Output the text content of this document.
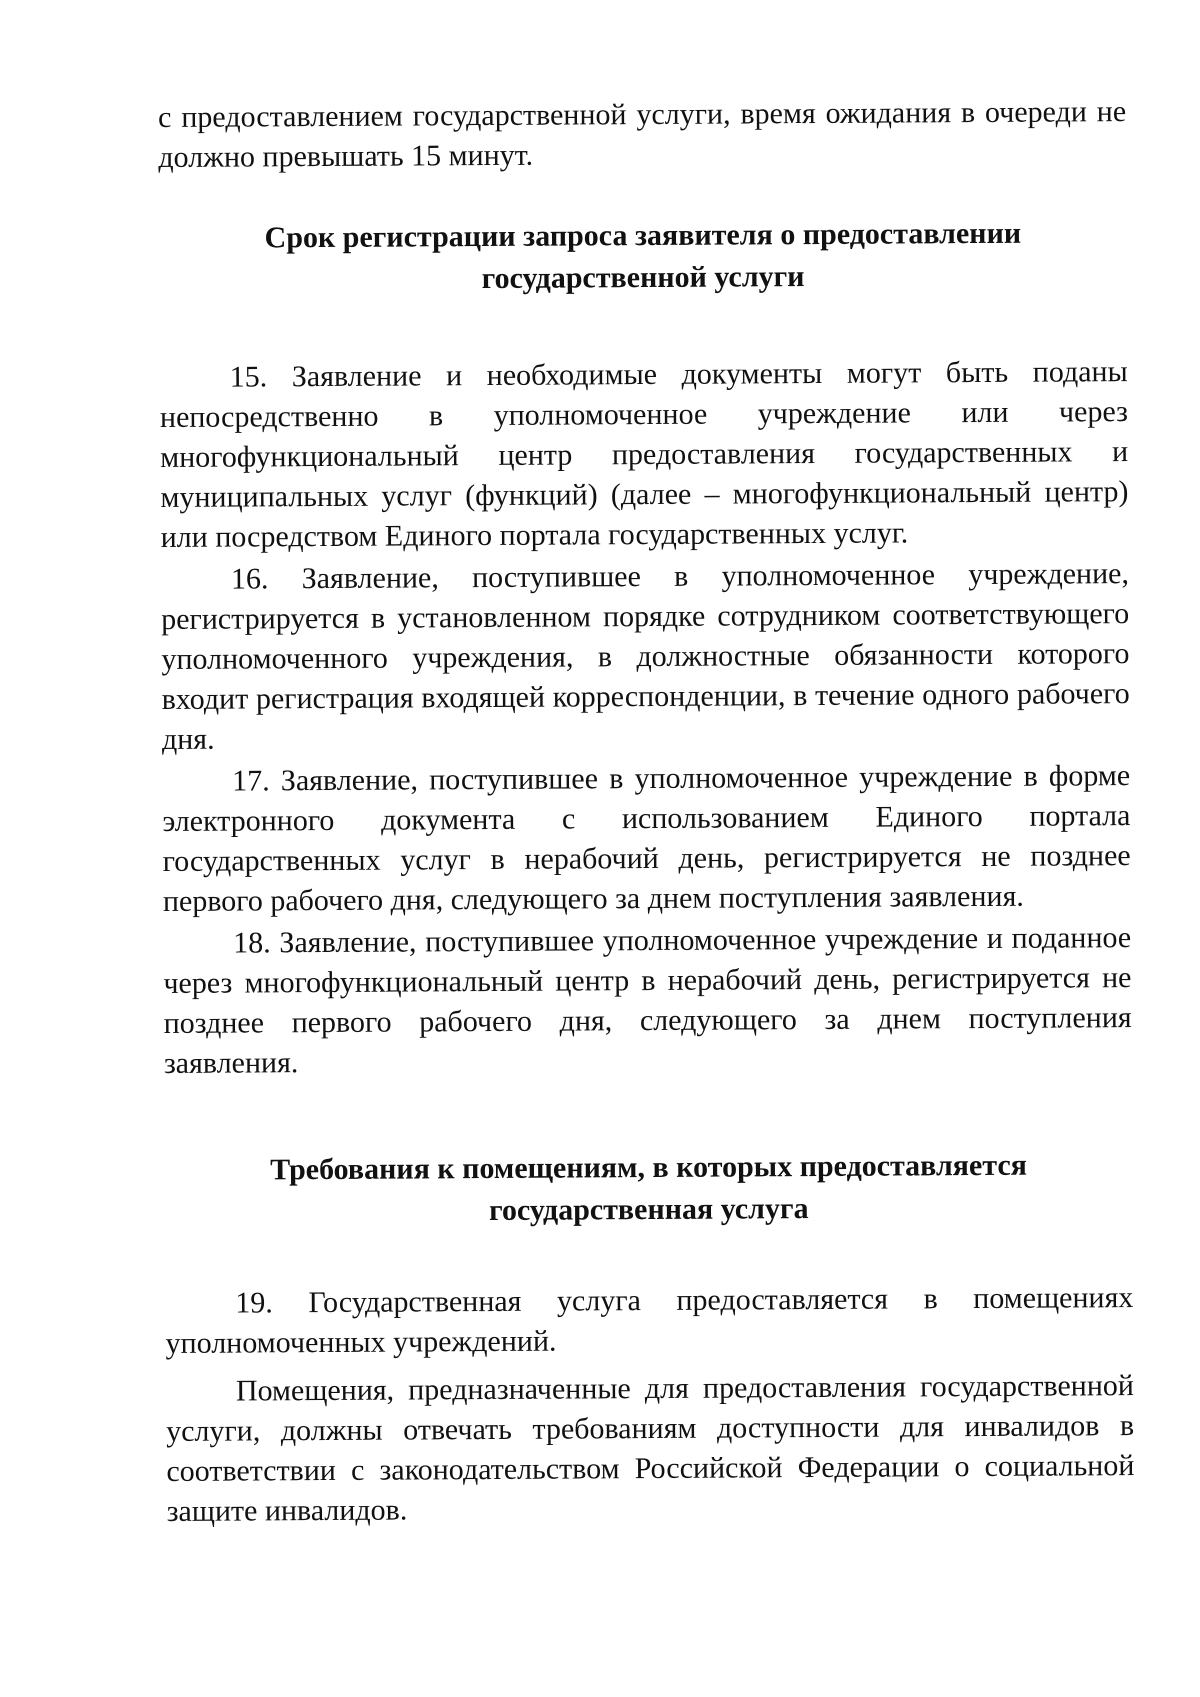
с предоставлением государственной услуги, время ожидания в очереди не должно превышать 15 минут.

Срок регистрации запроса заявителя о предоставлении
государственной услуги

15. Заявление и необходимые документы могут быть поданы непосредственно в уполномоченное учреждение или через многофункциональный центр предоставления государственных и муниципальных услуг (функций) (далее – многофункциональный центр) или посредством Единого портала государственных услуг.

16. Заявление, поступившее в уполномоченное учреждение, регистрируется в установленном порядке сотрудником соответствующего уполномоченного учреждения, в должностные обязанности которого входит регистрация входящей корреспонденции, в течение одного рабочего дня.

17. Заявление, поступившее в уполномоченное учреждение в форме электронного документа с использованием Единого портала государственных услуг в нерабочий день, регистрируется не позднее первого рабочего дня, следующего за днем поступления заявления.

18. Заявление, поступившее уполномоченное учреждение и поданное через многофункциональный центр в нерабочий день, регистрируется не позднее первого рабочего дня, следующего за днем поступления заявления.

Требования к помещениям, в которых предоставляется
государственная услуга

19. Государственная услуга предоставляется в помещениях уполномоченных учреждений.

Помещения, предназначенные для предоставления государственной услуги, должны отвечать требованиям доступности для инвалидов в соответствии с законодательством Российской Федерации о социальной защите инвалидов.
